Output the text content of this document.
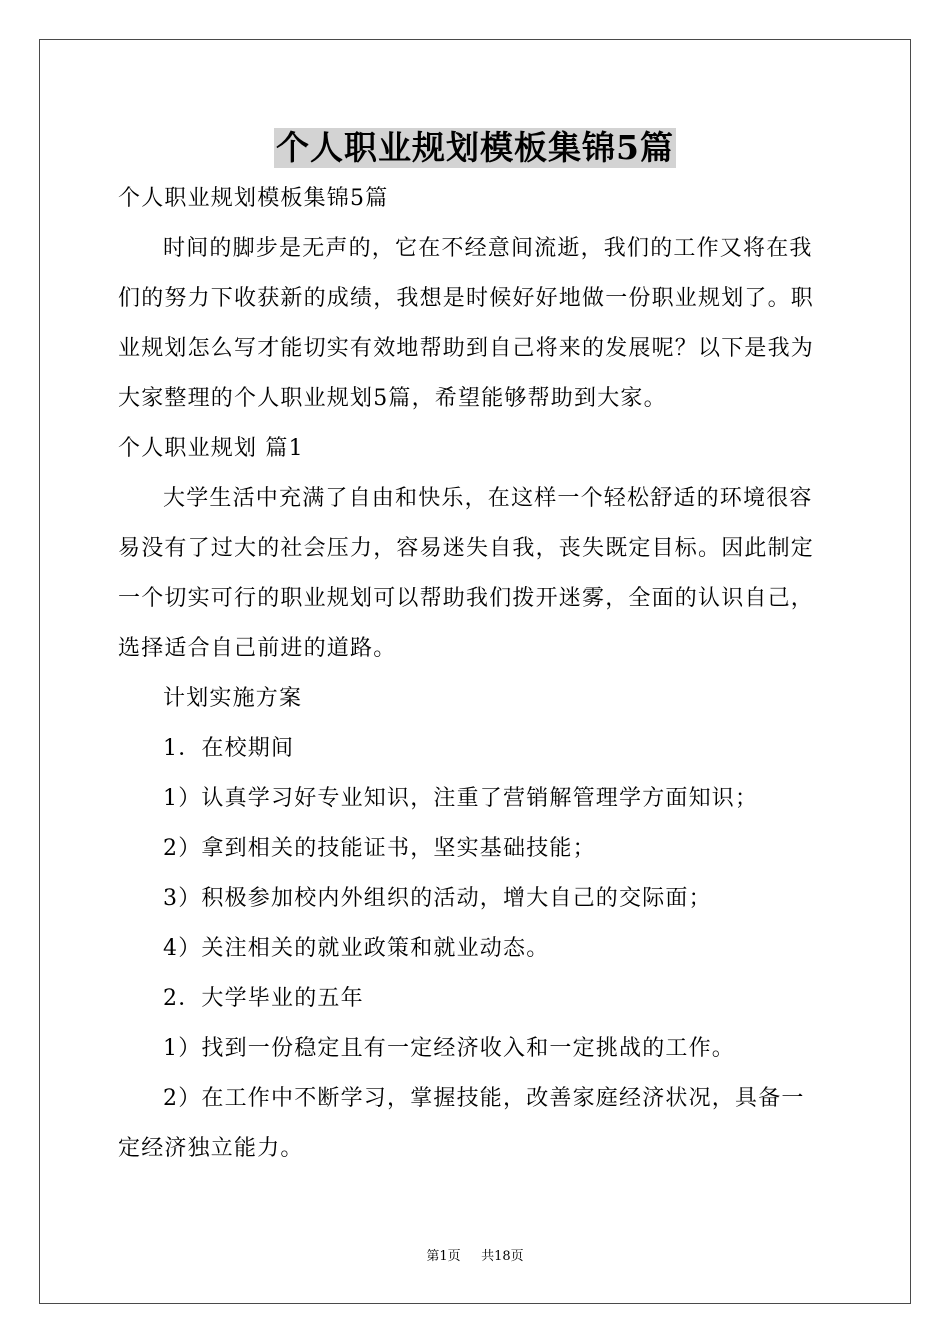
个人职业规划模板集锦5篇
个人职业规划模板集锦5篇
时间的脚步是无声的，它在不经意间流逝，我们的工作又将在我
们的努力下收获新的成绩，我想是时候好好地做一份职业规划了。职
业规划怎么写才能切实有效地帮助到自己将来的发展呢？以下是我为
大家整理的个人职业规划5篇，希望能够帮助到大家。
个人职业规划 篇1
大学生活中充满了自由和快乐，在这样一个轻松舒适的环境很容
易没有了过大的社会压力，容易迷失自我，丧失既定目标。因此制定
一个切实可行的职业规划可以帮助我们拨开迷雾，全面的认识自己，
选择适合自己前进的道路。
计划实施方案
1．在校期间
1）认真学习好专业知识，注重了营销解管理学方面知识；
2）拿到相关的技能证书，坚实基础技能；
3）积极参加校内外组织的活动，增大自己的交际面；
4）关注相关的就业政策和就业动态。
2．大学毕业的五年
1）找到一份稳定且有一定经济收入和一定挑战的工作。
2）在工作中不断学习，掌握技能，改善家庭经济状况，具备一
定经济独立能力。
第1页 共18页
